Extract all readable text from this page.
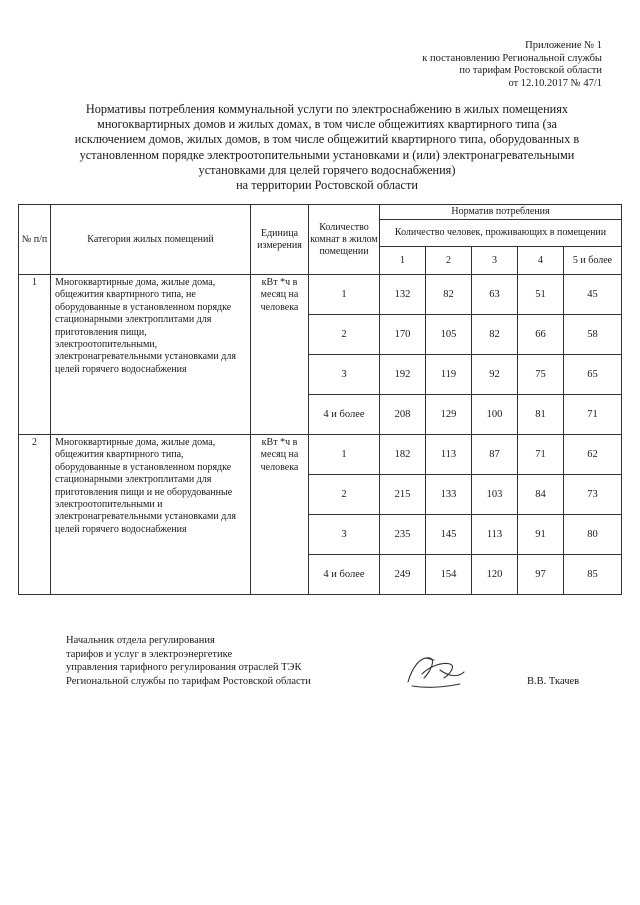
Приложение № 1
к постановлению Региональной службы
по тарифам Ростовской области
от 12.10.2017 № 47/1
Нормативы потребления коммунальной услуги по электроснабжению в жилых помещениях
многоквартирных домов и жилых домах, в том числе общежитиях квартирного типа (за
исключением домов, жилых домов, в том числе общежитий квартирного типа, оборудованных в
установленном порядке электроотопительными установками и (или) электронагревательными
установками для целей горячего водоснабжения)
на территории Ростовской области
№ п/п	Категория жилых помещений	Единица измерения	Количество комнат в жилом помещении	Норматив потребления				
				Количество человек, проживающих в помещении				
				1	2	3	4	5 и более
1	Многоквартирные дома, жилые дома, общежития квартирного типа, не оборудованные в установленном порядке стационарными электроплитами для приготовления пищи, электроотопительными, электронагревательными установками для целей горячего водоснабжения	кВт *ч в месяц на человека	1	132	82	63	51	45
			2	170	105	82	66	58
			3	192	119	92	75	65
			4 и более	208	129	100	81	71
2	Многоквартирные дома, жилые дома, общежития квартирного типа, оборудованные в установленном порядке стационарными электроплитами для приготовления пищи и не оборудованные электроотопительными и электронагревательными установками для целей горячего водоснабжения	кВт *ч в месяц на человека	1	182	113	87	71	62
			2	215	133	103	84	73
			3	235	145	113	91	80
			4 и более	249	154	120	97	85
Начальник отдела регулирования
тарифов и услуг в электроэнергетике
управления тарифного регулирования отраслей ТЭК
Региональной службы по тарифам Ростовской области	В.В. Ткачев
